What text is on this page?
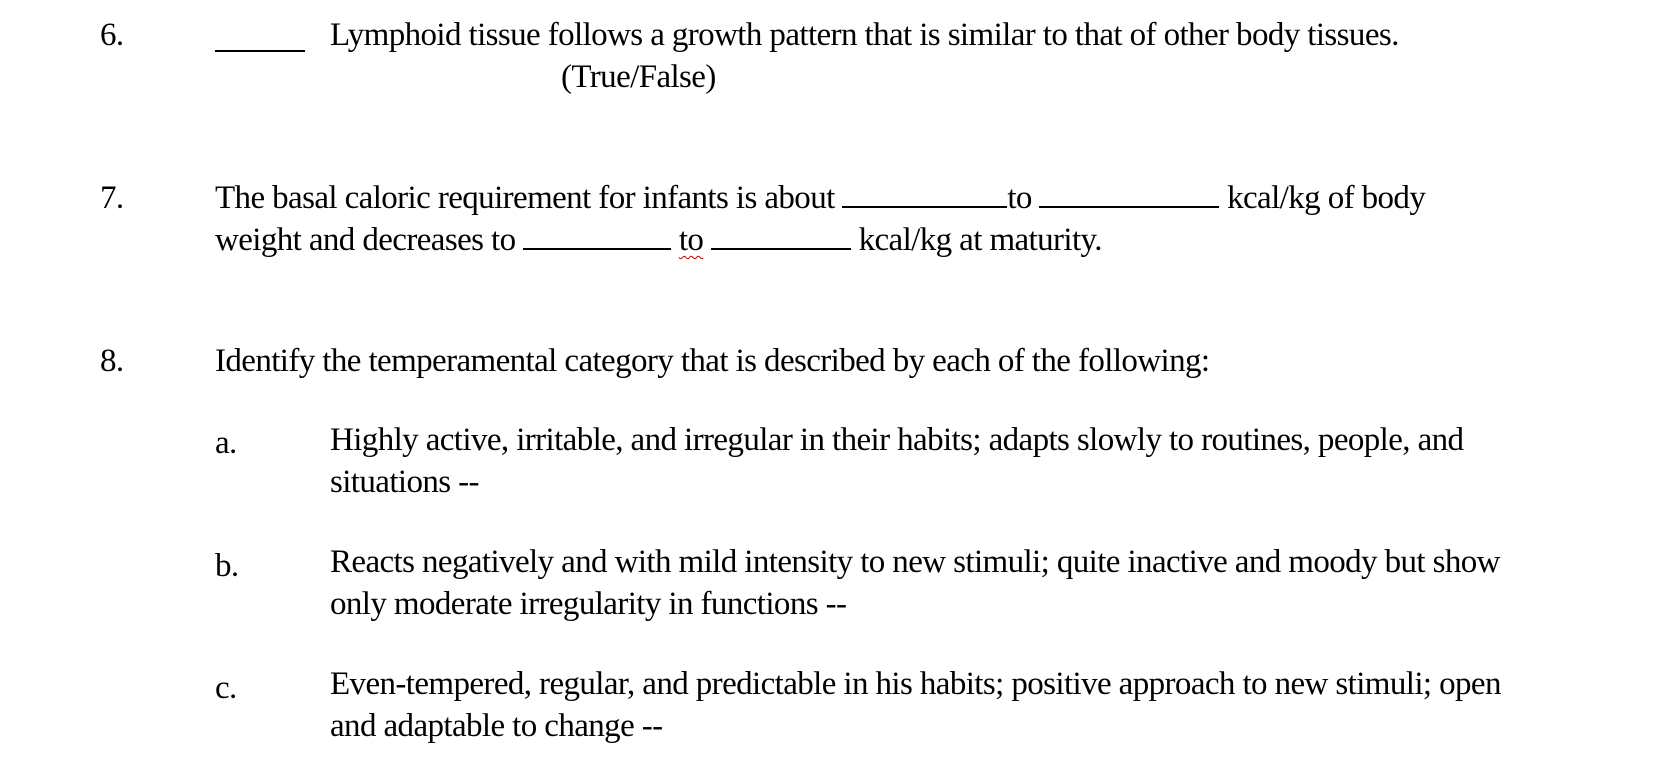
6.	Lymphoid tissue follows a growth pattern that is similar to that of other body tissues.
(True/False)
7.	The basal caloric requirement for infants is about	to	kcal/kg of body
weight and decreases to	to	kcal/kg at maturity.
8.	Identify the temperamental category that is described by each of the following:
a.	Highly active, irritable, and irregular in their habits; adapts slowly to routines, people, and
situations --
b.	Reacts negatively and with mild intensity to new stimuli; quite inactive and moody but show
only moderate irregularity in functions --
c.	Even-tempered, regular, and predictable in his habits; positive approach to new stimuli; open
and adaptable to change --
